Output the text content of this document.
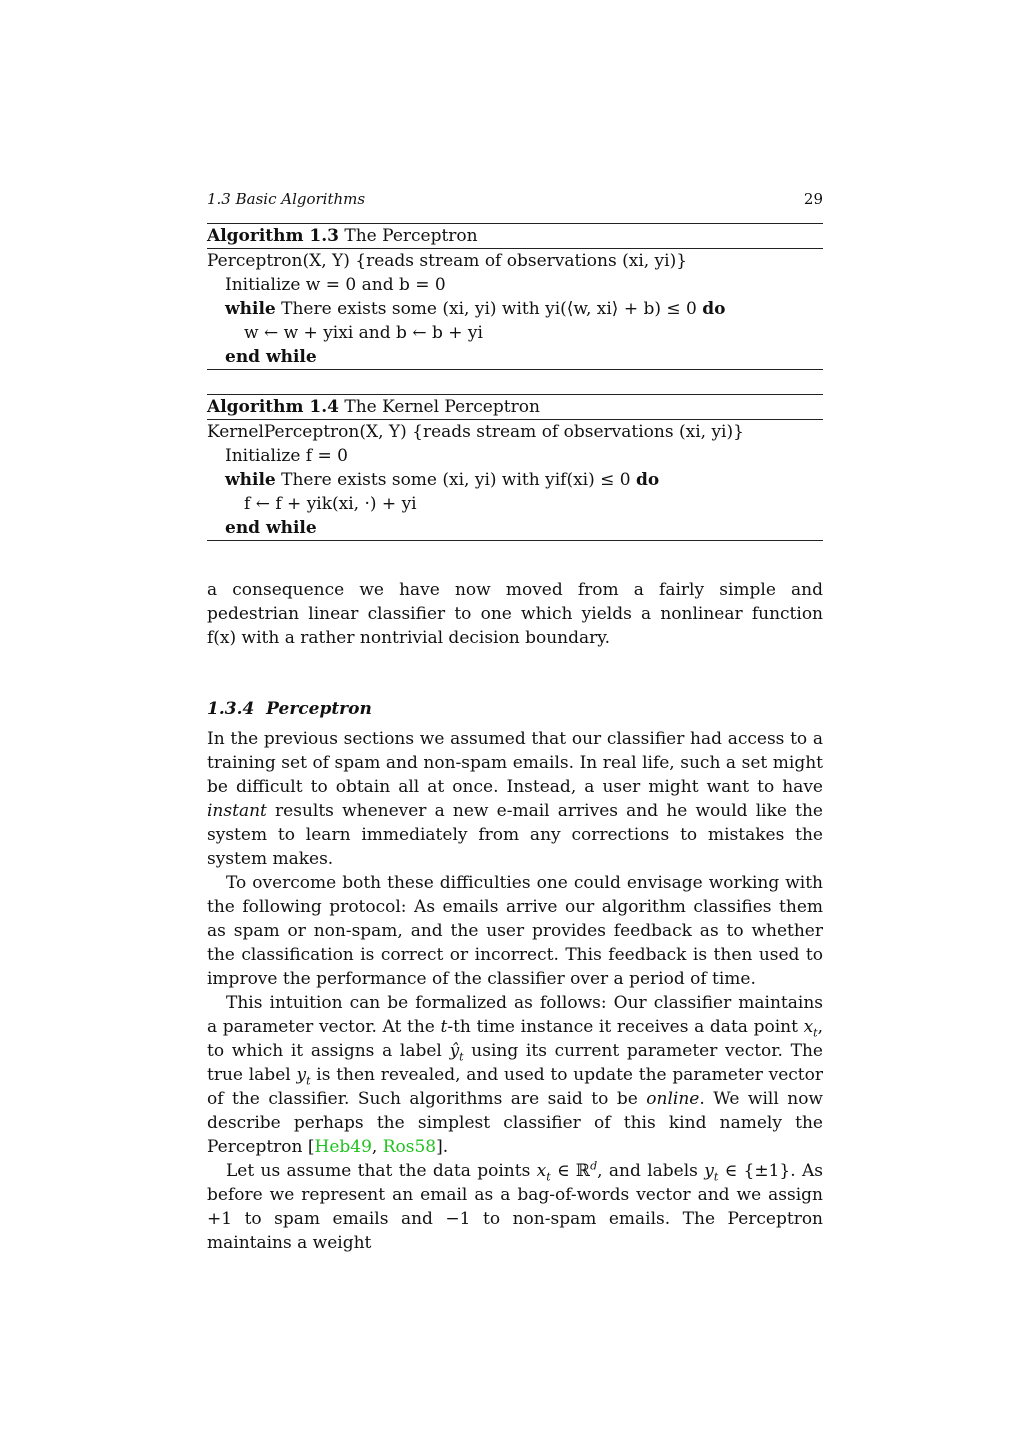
1.3 Basic Algorithms	29
Algorithm 1.3 The Perceptron
Perceptron(X, Y) {reads stream of observations (xi, yi)}
Initialize w = 0 and b = 0
while There exists some (xi, yi) with yi(⟨w, xi⟩ + b) ≤ 0 do
w ← w + yixi and b ← b + yi
end while
Algorithm 1.4 The Kernel Perceptron
KernelPerceptron(X, Y) {reads stream of observations (xi, yi)}
Initialize f = 0
while There exists some (xi, yi) with yif(xi) ≤ 0 do
f ← f + yik(xi, ·) + yi
end while

a consequence we have now moved from a fairly simple and pedestrian linear classifier to one which yields a nonlinear function f(x) with a rather nontrivial decision boundary.

1.3.4 Perceptron

In the previous sections we assumed that our classifier had access to a training set of spam and non-spam emails. In real life, such a set might be difficult to obtain all at once. Instead, a user might want to have instant results whenever a new e-mail arrives and he would like the system to learn immediately from any corrections to mistakes the system makes.

To overcome both these difficulties one could envisage working with the following protocol: As emails arrive our algorithm classifies them as spam or non-spam, and the user provides feedback as to whether the classification is correct or incorrect. This feedback is then used to improve the performance of the classifier over a period of time.

This intuition can be formalized as follows: Our classifier maintains a parameter vector. At the t-th time instance it receives a data point $x_t$, to which it assigns a label $ŷ_t$ using its current parameter vector. The true label $y_t$ is then revealed, and used to update the parameter vector of the classifier. Such algorithms are said to be online. We will now describe perhaps the simplest classifier of this kind namely the Perceptron [Heb49, Ros58].

Let us assume that the data points $x_t$ ∈ ℝ$^d$, and labels $y_t$ ∈ {±1}. As before we represent an email as a bag-of-words vector and we assign +1 to spam emails and −1 to non-spam emails. The Perceptron maintains a weight
